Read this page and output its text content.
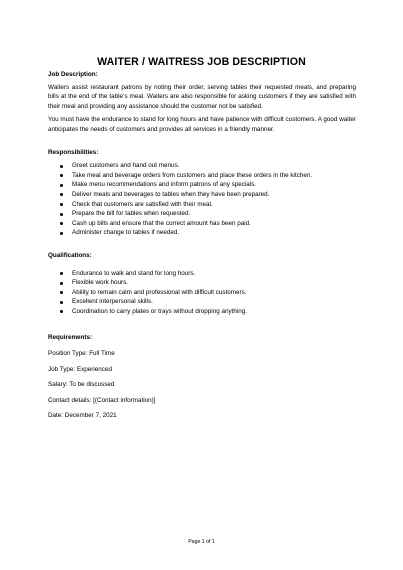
WAITER / WAITRESS JOB DESCRIPTION

Job Description:

Waiters assist restaurant patrons by noting their order, serving tables their requested meals, and preparing bills at the end of the table’s meal. Waiters are also responsible for asking customers if they are satisfied with their meal and providing any assistance should the customer not be satisfied.

You must have the endurance to stand for long hours and have patience with difficult customers. A good waiter anticipates the needs of customers and provides all services in a friendly manner.

Responsibilities:

Greet customers and hand out menus.
Take meal and beverage orders from customers and place these orders in the kitchen.
Make menu recommendations and inform patrons of any specials.
Deliver meals and beverages to tables when they have been prepared.
Check that customers are satisfied with their meal.
Prepare the bill for tables when requested.
Cash up bills and ensure that the correct amount has been paid.
Administer change to tables if needed.

Qualifications:

Endurance to walk and stand for long hours.
Flexible work hours.
Ability to remain calm and professional with difficult customers.
Excellent interpersonal skills.
Coordination to carry plates or trays without dropping anything.

Requirements:

Position Type: Full Time

Job Type: Experienced

Salary: To be discussed

Contact details: [(Contact information)]

Date: December 7, 2021

Page 1 of 1
